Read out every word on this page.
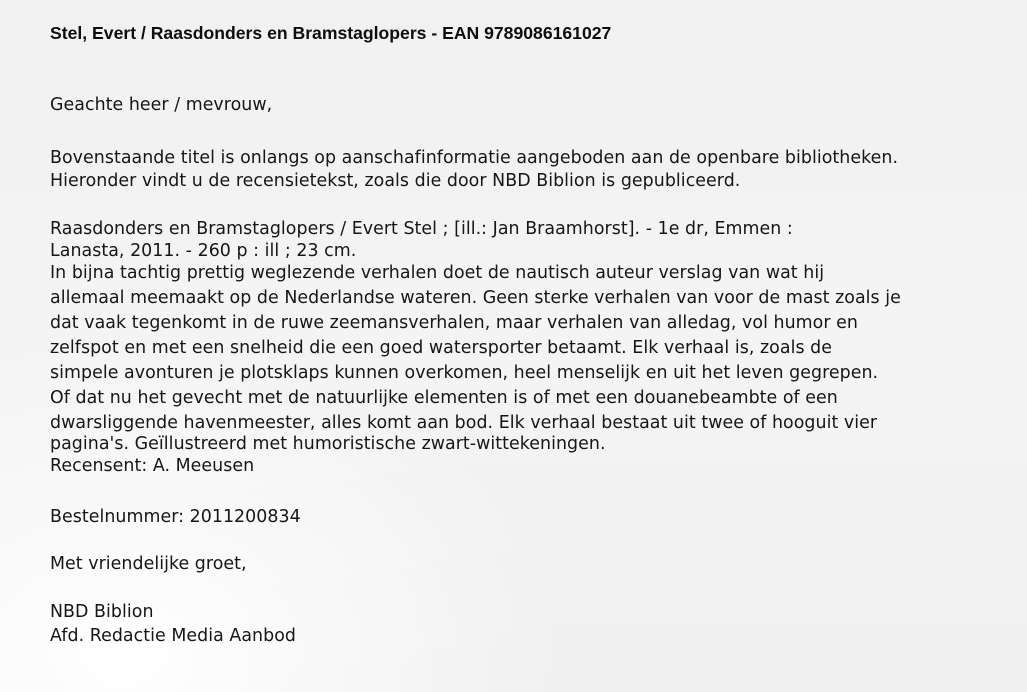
Stel, Evert / Raasdonders en Bramstaglopers - EAN 9789086161027
Geachte heer / mevrouw,
Bovenstaande titel is onlangs op aanschafinformatie aangeboden aan de openbare bibliotheken.
Hieronder vindt u de recensietekst, zoals die door NBD Biblion is gepubliceerd.
Raasdonders en Bramstaglopers / Evert Stel ; [ill.: Jan Braamhorst]. - 1e dr, Emmen :
Lanasta, 2011. - 260 p : ill ; 23 cm.
In bijna tachtig prettig weglezende verhalen doet de nautisch auteur verslag van wat hij
allemaal meemaakt op de Nederlandse wateren. Geen sterke verhalen van voor de mast zoals je
dat vaak tegenkomt in de ruwe zeemansverhalen, maar verhalen van alledag, vol humor en
zelfspot en met een snelheid die een goed watersporter betaamt. Elk verhaal is, zoals de
simpele avonturen je plotsklaps kunnen overkomen, heel menselijk en uit het leven gegrepen.
Of dat nu het gevecht met de natuurlijke elementen is of met een douanebeambte of een
dwarsliggende havenmeester, alles komt aan bod. Elk verhaal bestaat uit twee of hooguit vier
pagina's. Geïllustreerd met humoristische zwart-wittekeningen.
Recensent: A. Meeusen
Bestelnummer: 2011200834
Met vriendelijke groet,
NBD Biblion
Afd. Redactie Media Aanbod
